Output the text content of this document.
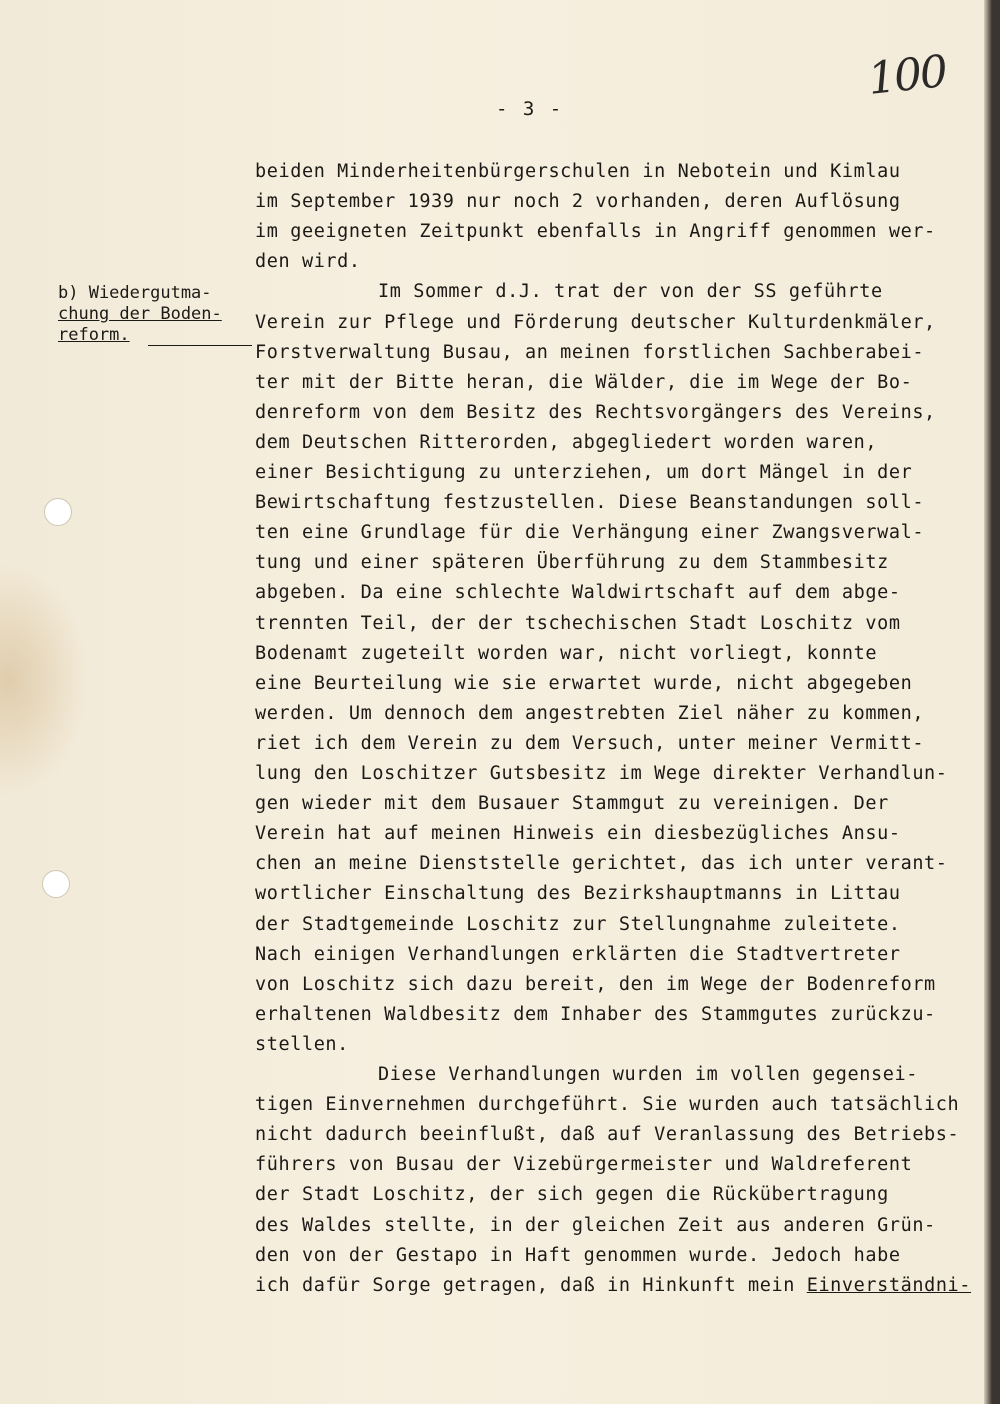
100
- 3 -
b) Wiedergutma-
chung der Boden-
reform.
beiden Minderheitenbürgerschulen in Nebotein und Kimlau
im September 1939 nur noch 2 vorhanden, deren Auflösung
im geeigneten Zeitpunkt ebenfalls in Angriff genommen wer-
den wird.
Im Sommer d.J. trat der von der SS geführte
Verein zur Pflege und Förderung deutscher Kulturdenkmäler,
Forstverwaltung Busau, an meinen forstlichen Sachberabei-
ter mit der Bitte heran, die Wälder, die im Wege der Bo-
denreform von dem Besitz des Rechtsvorgängers des Vereins,
dem Deutschen Ritterorden, abgegliedert worden waren,
einer Besichtigung zu unterziehen, um dort Mängel in der
Bewirtschaftung festzustellen. Diese Beanstandungen soll-
ten eine Grundlage für die Verhängung einer Zwangsverwal-
tung und einer späteren Überführung zu dem Stammbesitz
abgeben. Da eine schlechte Waldwirtschaft auf dem abge-
trennten Teil, der der tschechischen Stadt Loschitz vom
Bodenamt zugeteilt worden war, nicht vorliegt, konnte
eine Beurteilung wie sie erwartet wurde, nicht abgegeben
werden. Um dennoch dem angestrebten Ziel näher zu kommen,
riet ich dem Verein zu dem Versuch, unter meiner Vermitt-
lung den Loschitzer Gutsbesitz im Wege direkter Verhandlun-
gen wieder mit dem Busauer Stammgut zu vereinigen. Der
Verein hat auf meinen Hinweis ein diesbezügliches Ansu-
chen an meine Dienststelle gerichtet, das ich unter verant-
wortlicher Einschaltung des Bezirkshauptmanns in Littau
der Stadtgemeinde Loschitz zur Stellungnahme zuleitete.
Nach einigen Verhandlungen erklärten die Stadtvertreter
von Loschitz sich dazu bereit, den im Wege der Bodenreform
erhaltenen Waldbesitz dem Inhaber des Stammgutes zurückzu-
stellen.
Diese Verhandlungen wurden im vollen gegensei-
tigen Einvernehmen durchgeführt. Sie wurden auch tatsächlich
nicht dadurch beeinflußt, daß auf Veranlassung des Betriebs-
führers von Busau der Vizebürgermeister und Waldreferent
der Stadt Loschitz, der sich gegen die Rückübertragung
des Waldes stellte, in der gleichen Zeit aus anderen Grün-
den von der Gestapo in Haft genommen wurde. Jedoch habe
ich dafür Sorge getragen, daß in Hinkunft mein Einverständni-
